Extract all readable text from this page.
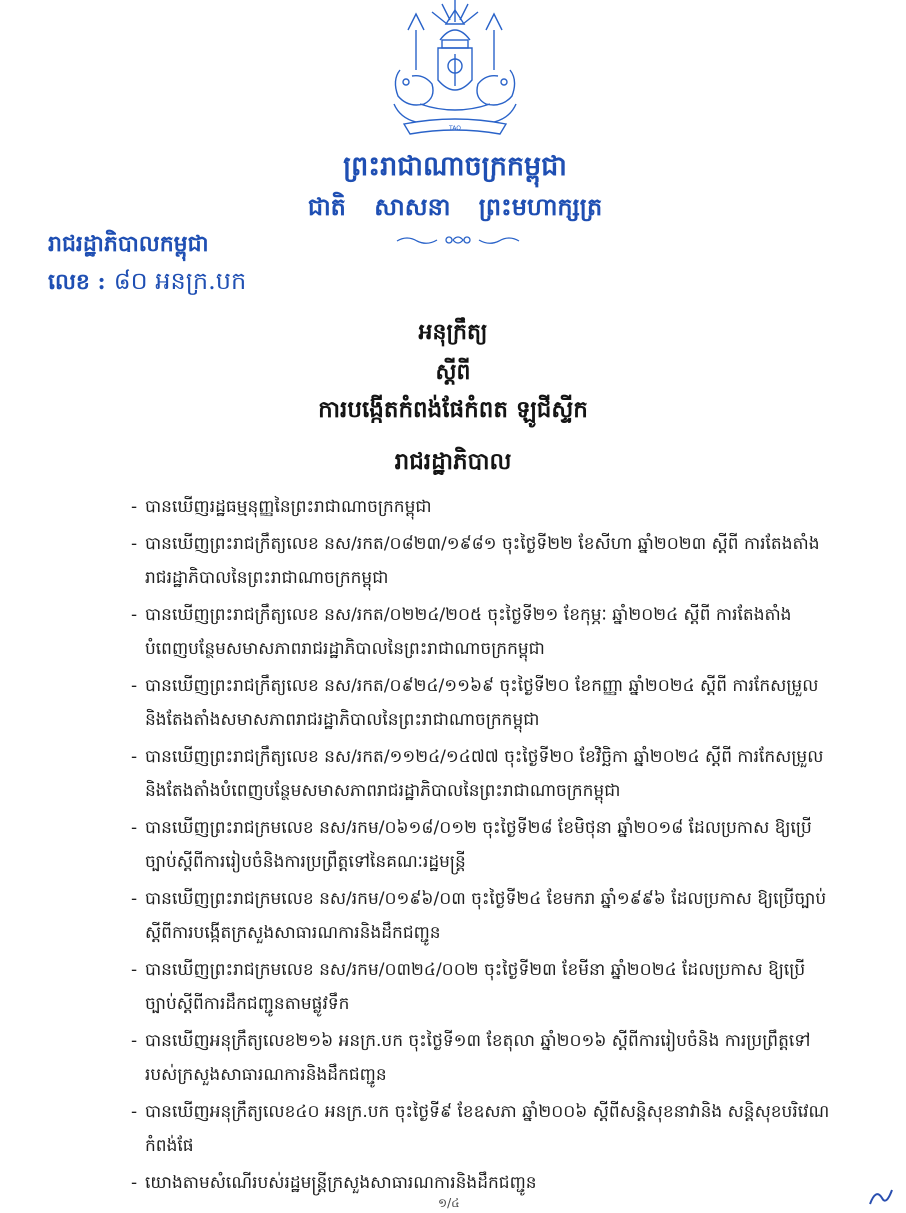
TAO
ព្រះរាជាណាចក្រកម្ពុជា
ជាតិ សាសនា ព្រះមហាក្សត្រ
រាជរដ្ឋាភិបាលកម្ពុជា
លេខ : ៨០ អនក្រ.បក
អនុក្រឹត្យ
ស្តីពី
ការបង្កើតកំពង់ផែកំពត ឡូជីស្ទីក
រាជរដ្ឋាភិបាល
- បានឃើញរដ្ឋធម្មនុញ្ញនៃព្រះរាជាណាចក្រកម្ពុជា
- បានឃើញព្រះរាជក្រឹត្យលេខ នស/រកត/០៨២៣/១៩៨១ ចុះថ្ងៃទី២២ ខែសីហា ឆ្នាំ២០២៣ ស្តីពី ការតែងតាំងរាជរដ្ឋាភិបាលនៃព្រះរាជាណាចក្រកម្ពុជា
- បានឃើញព្រះរាជក្រឹត្យលេខ នស/រកត/០២២៤/២០៥ ចុះថ្ងៃទី២១ ខែកុម្ភៈ ឆ្នាំ២០២៤ ស្តីពី ការតែងតាំងបំពេញបន្ថែមសមាសភាពរាជរដ្ឋាភិបាលនៃព្រះរាជាណាចក្រកម្ពុជា
- បានឃើញព្រះរាជក្រឹត្យលេខ នស/រកត/០៩២៤/១១៦៩ ចុះថ្ងៃទី២០ ខែកញ្ញា ឆ្នាំ២០២៤ ស្តីពី ការកែសម្រួលនិងតែងតាំងសមាសភាពរាជរដ្ឋាភិបាលនៃព្រះរាជាណាចក្រកម្ពុជា
- បានឃើញព្រះរាជក្រឹត្យលេខ នស/រកត/១១២៤/១៤៧៧ ចុះថ្ងៃទី២០ ខែវិច្ឆិកា ឆ្នាំ២០២៤ ស្តីពី ការកែសម្រួលនិងតែងតាំងបំពេញបន្ថែមសមាសភាពរាជរដ្ឋាភិបាលនៃព្រះរាជាណាចក្រកម្ពុជា
- បានឃើញព្រះរាជក្រមលេខ នស/រកម/០៦១៨/០១២ ចុះថ្ងៃទី២៨ ខែមិថុនា ឆ្នាំ២០១៨ ដែលប្រកាស ឱ្យប្រើច្បាប់ស្តីពីការរៀបចំនិងការប្រព្រឹត្តទៅនៃគណៈរដ្ឋមន្ត្រី
- បានឃើញព្រះរាជក្រមលេខ នស/រកម/០១៩៦/០៣ ចុះថ្ងៃទី២៤ ខែមករា ឆ្នាំ១៩៩៦ ដែលប្រកាស ឱ្យប្រើច្បាប់ស្តីពីការបង្កើតក្រសួងសាធារណការនិងដឹកជញ្ជូន
- បានឃើញព្រះរាជក្រមលេខ នស/រកម/០៣២៤/០០២ ចុះថ្ងៃទី២៣ ខែមីនា ឆ្នាំ២០២៤ ដែលប្រកាស ឱ្យប្រើច្បាប់ស្តីពីការដឹកជញ្ជូនតាមផ្លូវទឹក
- បានឃើញអនុក្រឹត្យលេខ២១៦ អនក្រ.បក ចុះថ្ងៃទី១៣ ខែតុលា ឆ្នាំ២០១៦ ស្តីពីការរៀបចំនិង ការប្រព្រឹត្តទៅរបស់ក្រសួងសាធារណការនិងដឹកជញ្ជូន
- បានឃើញអនុក្រឹត្យលេខ៤០ អនក្រ.បក ចុះថ្ងៃទី៩ ខែឧសភា ឆ្នាំ២០០៦ ស្តីពីសន្តិសុខនាវានិង សន្តិសុខបរិវេណកំពង់ផែ
- យោងតាមសំណើរបស់រដ្ឋមន្ត្រីក្រសួងសាធារណការនិងដឹកជញ្ជូន
១/៤
